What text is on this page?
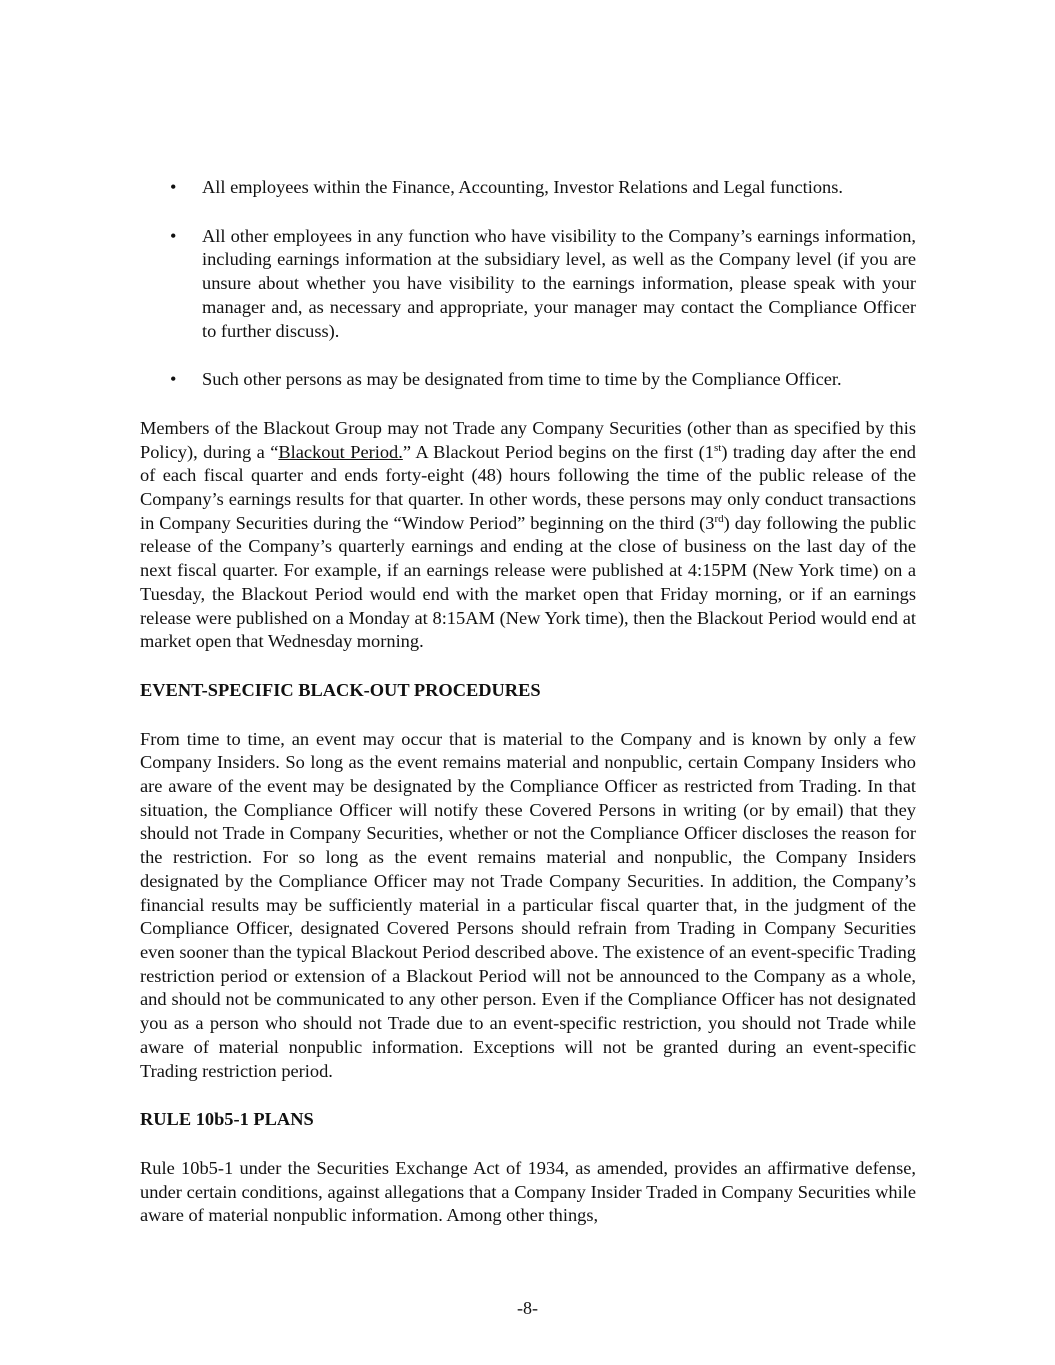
• All employees within the Finance, Accounting, Investor Relations and Legal functions.
• All other employees in any function who have visibility to the Company’s earnings information, including earnings information at the subsidiary level, as well as the Company level (if you are unsure about whether you have visibility to the earnings information, please speak with your manager and, as necessary and appropriate, your manager may contact the Compliance Officer to further discuss).
• Such other persons as may be designated from time to time by the Compliance Officer.

Members of the Blackout Group may not Trade any Company Securities (other than as specified by this Policy), during a “Blackout Period.” A Blackout Period begins on the first (1st) trading day after the end of each fiscal quarter and ends forty-eight (48) hours following the time of the public release of the Company’s earnings results for that quarter. In other words, these persons may only conduct transactions in Company Securities during the “Window Period” beginning on the third (3rd) day following the public release of the Company’s quarterly earnings and ending at the close of business on the last day of the next fiscal quarter. For example, if an earnings release were published at 4:15PM (New York time) on a Tuesday, the Blackout Period would end with the market open that Friday morning, or if an earnings release were published on a Monday at 8:15AM (New York time), then the Blackout Period would end at market open that Wednesday morning.

EVENT-SPECIFIC BLACK-OUT PROCEDURES

From time to time, an event may occur that is material to the Company and is known by only a few Company Insiders. So long as the event remains material and nonpublic, certain Company Insiders who are aware of the event may be designated by the Compliance Officer as restricted from Trading. In that situation, the Compliance Officer will notify these Covered Persons in writing (or by email) that they should not Trade in Company Securities, whether or not the Compliance Officer discloses the reason for the restriction. For so long as the event remains material and nonpublic, the Company Insiders designated by the Compliance Officer may not Trade Company Securities. In addition, the Company’s financial results may be sufficiently material in a particular fiscal quarter that, in the judgment of the Compliance Officer, designated Covered Persons should refrain from Trading in Company Securities even sooner than the typical Blackout Period described above. The existence of an event-specific Trading restriction period or extension of a Blackout Period will not be announced to the Company as a whole, and should not be communicated to any other person. Even if the Compliance Officer has not designated you as a person who should not Trade due to an event-specific restriction, you should not Trade while aware of material nonpublic information. Exceptions will not be granted during an event-specific Trading restriction period.

RULE 10b5-1 PLANS

Rule 10b5-1 under the Securities Exchange Act of 1934, as amended, provides an affirmative defense, under certain conditions, against allegations that a Company Insider Traded in Company Securities while aware of material nonpublic information. Among other things,

-8-
